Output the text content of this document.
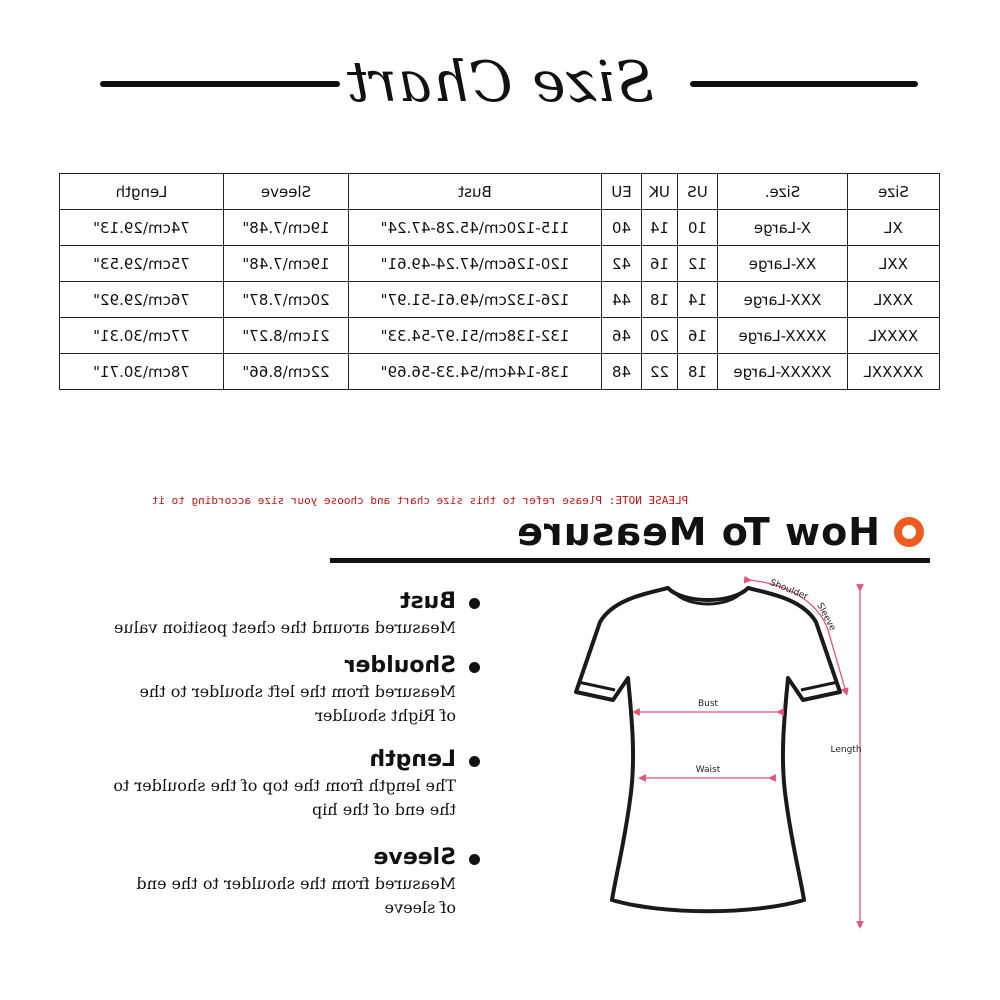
Size Chart
Size	Size.	US	UK	EU	Bust	Sleeve	Length
XL	X-Large	10	14	40	115-120cm\45.28-47.24"	19cm\7.48"	74cm\29.13"
XXL	XX-Large	12	16	42	120-126cm\47.24-49.61"	19cm\7.48"	75cm\29.53"
XXXL	XXX-Large	14	18	44	126-132cm\49.61-51.97"	20cm\7.87"	76cm\29.92"
XXXXL	XXXX-Large	16	20	46	132-138cm\51.97-54.33"	21cm\8.27"	77cm\30.31"
XXXXXL	XXXXX-Large	18	22	48	138-144cm\54.33-56.69"	22cm\8.66"	78cm\30.71"
PLEASE NOTE: Please refer to this size chart and choose your size according to it
How To Measure
Bust
Measured around the chest position value
Shoulder
Measured from the left shoulder to the
of Right shoulder
Length
The length from the top of the shoulder to
the end of the hip
Sleeve
Measured from the shoulder to the end
of sleeve
Bust
Waist
Length
Shoulder
Sleeve
